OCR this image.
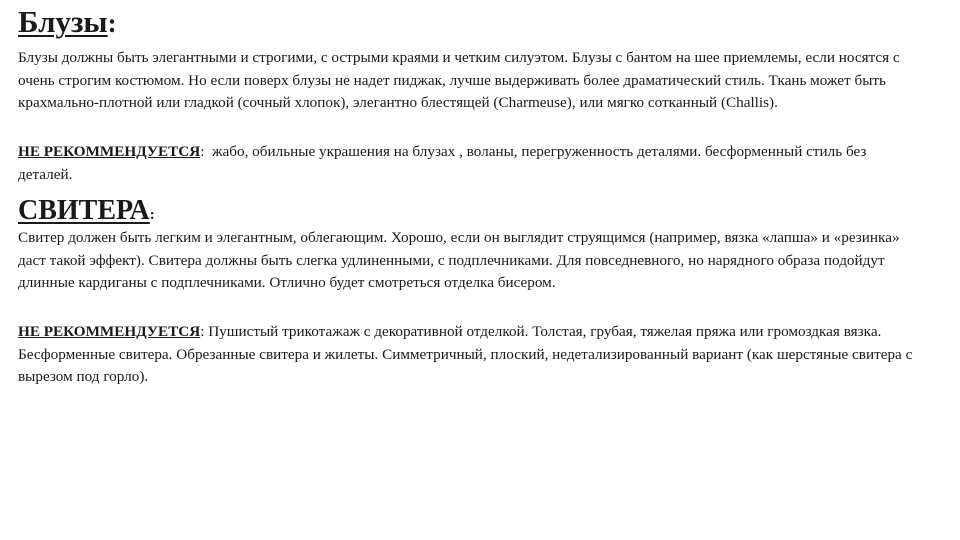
Блузы:

Блузы должны быть элегантными и строгими, с острыми краями и четким силуэтом. Блузы с бантом на шее приемлемы, если носятся с очень строгим костюмом. Но если поверх блузы не надет пиджак, лучше выдерживать более драматический стиль. Ткань может быть крахмально-плотной или гладкой (сочный хлопок), элегантно блестящей (Charmeuse), или мягко сотканный (Challis).

НЕ РЕКОММЕНДУЕТСЯ:  жабо, обильные украшения на блузах , воланы, перегруженность деталями. бесформенный стиль без деталей.

СВИТЕРА:

Свитер должен быть легким и элегантным, облегающим. Хорошо, если он выглядит струящимся (например, вязка «лапша» и «резинка» даст такой эффект). Свитера должны быть слегка удлиненными, с подплечниками. Для повседневного, но нарядного образа подойдут длинные кардиганы с подплечниками. Отлично будет смотреться отделка бисером.

НЕ РЕКОММЕНДУЕТСЯ: Пушистый трикотажаж с декоративной отделкой. Толстая, грубая, тяжелая пряжа или громоздкая вязка. Бесформенные свитера. Обрезанные свитера и жилеты. Симметричный, плоский, недетализированный вариант (как шерстяные свитера с вырезом под горло).
